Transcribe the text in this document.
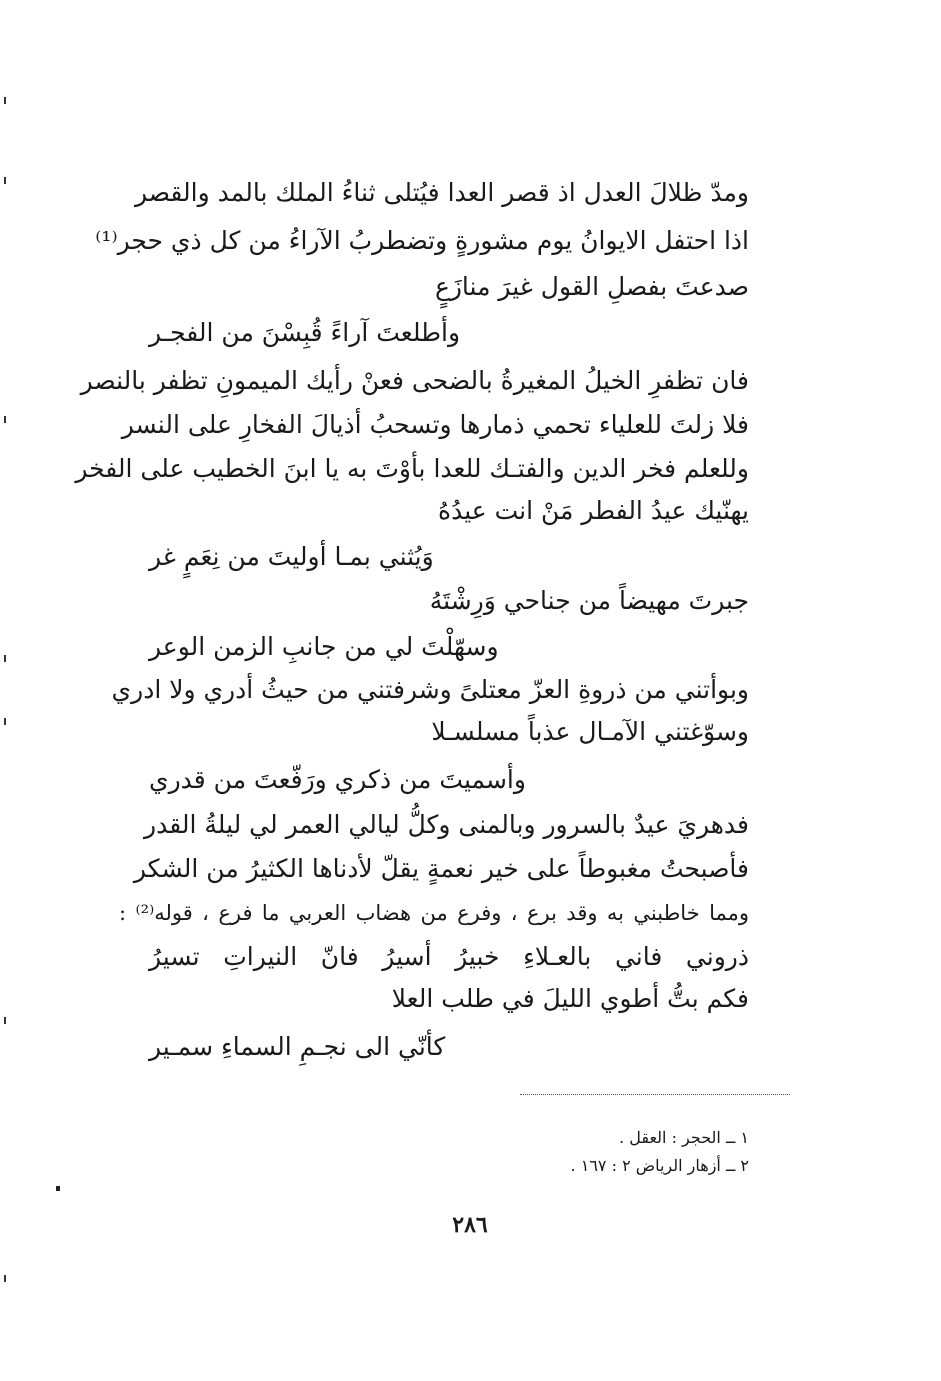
ومدّ ظلالَ العدل اذ قصر العدا فيُتلى ثناءُ الملك بالمد والقصر
اذا احتفل الايوانُ يوم مشورةٍ وتضطربُ الآراءُ من كل ذي حجر⁽¹⁾
صدعتَ بفصلِ القول غيرَ منازَعٍ
وأطلعتَ آراءً قُبِسْنَ من الفجـر
فان تظفرِ الخيلُ المغيرةُ بالضحى فعنْ رأيك الميمونِ تظفر بالنصر
فلا زلتَ للعلياء تحمي ذمارها وتسحبُ أذيالَ الفخارِ على النسر
وللعلم فخر الدين والفتـك للعدا بأوْتَ به يا ابنَ الخطيب على الفخر
يهنّيك عيدُ الفطر مَنْ انت عيدُهُ
وَيُثني بمـا أوليتَ من نِعَمٍ غر
جبرتَ مهيضاً من جناحي وَرِشْتَهُ
وسهّلْتَ لي من جانبِ الزمن الوعر
وبوأتني من ذروةِ العزّ معتلىً وشرفتني من حيثُ أدري ولا ادري
وسوّغتني الآمـال عذباً مسلسـلا
وأسميتَ من ذكري ورَفّعتَ من قدري
فدهريَ عيدٌ بالسرور وبالمنى وكلُّ ليالي العمر لي ليلةُ القدر
فأصبحتُ مغبوطاً على خير نعمةٍ يقلّ لأدناها الكثيرُ من الشكر
ومما خاطبني به وقد برع ، وفرع من هضاب العربي ما فرع ، قوله⁽²⁾ :
ذروني فاني بالعـلاءِ خبيرُ أسيرُ فانّ النيراتِ تسيرُ
فكم بتُّ أطوي الليلَ في طلب العلا
كأنّي الى نجـمِ السماءِ سمـير
١ ــ الحجر : العقل .
٢ ــ أزهار الرياض ٢ : ١٦٧ .
٢٨٦
